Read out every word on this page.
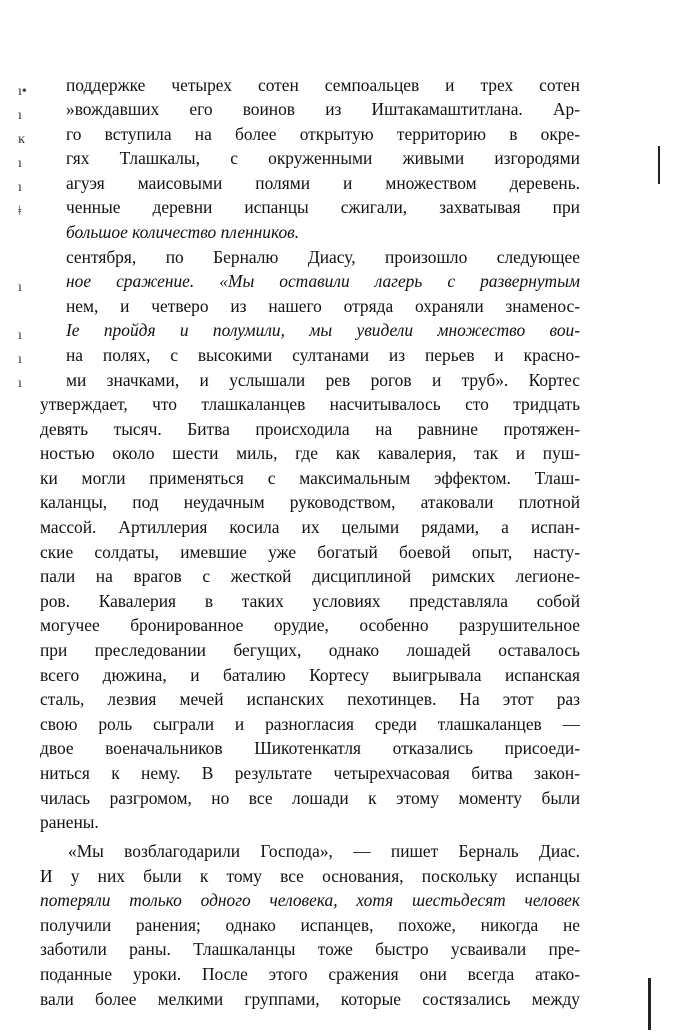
ı•
ı
ĸ
ı
ı
ǂ
ı
ı
ı
ı
поддержке четырех сотен семпоальцев и трех сотен
»вождавших его воинов из Иштакамаштитлана. Ар-
го вступила на более открытую территорию в окре-
гях Тлашкалы, с окруженными живыми изгородями
агуэя маисовыми полями и множеством деревень.
ченные деревни испанцы сжигали, захватывая при
большое количество пленников.
сентября, по Берналю Диасу, произошло следующее
ное сражение. «Мы оставили лагерь с развернутым
нем, и четверо из нашего отряда охраняли знаменос-
Iе пройдя и полумили, мы увидели множество вои-
на полях, с высокими султанами из перьев и красно-
ми значками, и услышали рев рогов и труб». Кортес
утверждает, что тлашкаланцев насчитывалось сто тридцать
девять тысяч. Битва происходила на равнине протяжен-
ностью около шести миль, где как кавалерия, так и пуш-
ки могли применяться с максимальным эффектом. Тлаш-
каланцы, под неудачным руководством, атаковали плотной
массой. Артиллерия косила их целыми рядами, а испан-
ские солдаты, имевшие уже богатый боевой опыт, насту-
пали на врагов с жесткой дисциплиной римских легионе-
ров. Кавалерия в таких условиях представляла собой
могучее бронированное орудие, особенно разрушительное
при преследовании бегущих, однако лошадей оставалось
всего дюжина, и баталию Кортесу выигрывала испанская
сталь, лезвия мечей испанских пехотинцев. На этот раз
свою роль сыграли и разногласия среди тлашкаланцев —
двое военачальников Шикотенкатля отказались присоеди-
ниться к нему. В результате четырехчасовая битва закон-
чилась разгромом, но все лошади к этому моменту были
ранены.
«Мы возблагодарили Господа», — пишет Берналь Диас.
И у них были к тому все основания, поскольку испанцы
потеряли только одного человека, хотя шестьдесят человек
получили ранения; однако испанцев, похоже, никогда не
заботили раны. Тлашкаланцы тоже быстро усваивали пре-
поданные уроки. После этого сражения они всегда атако-
вали более мелкими группами, которые состязались между
